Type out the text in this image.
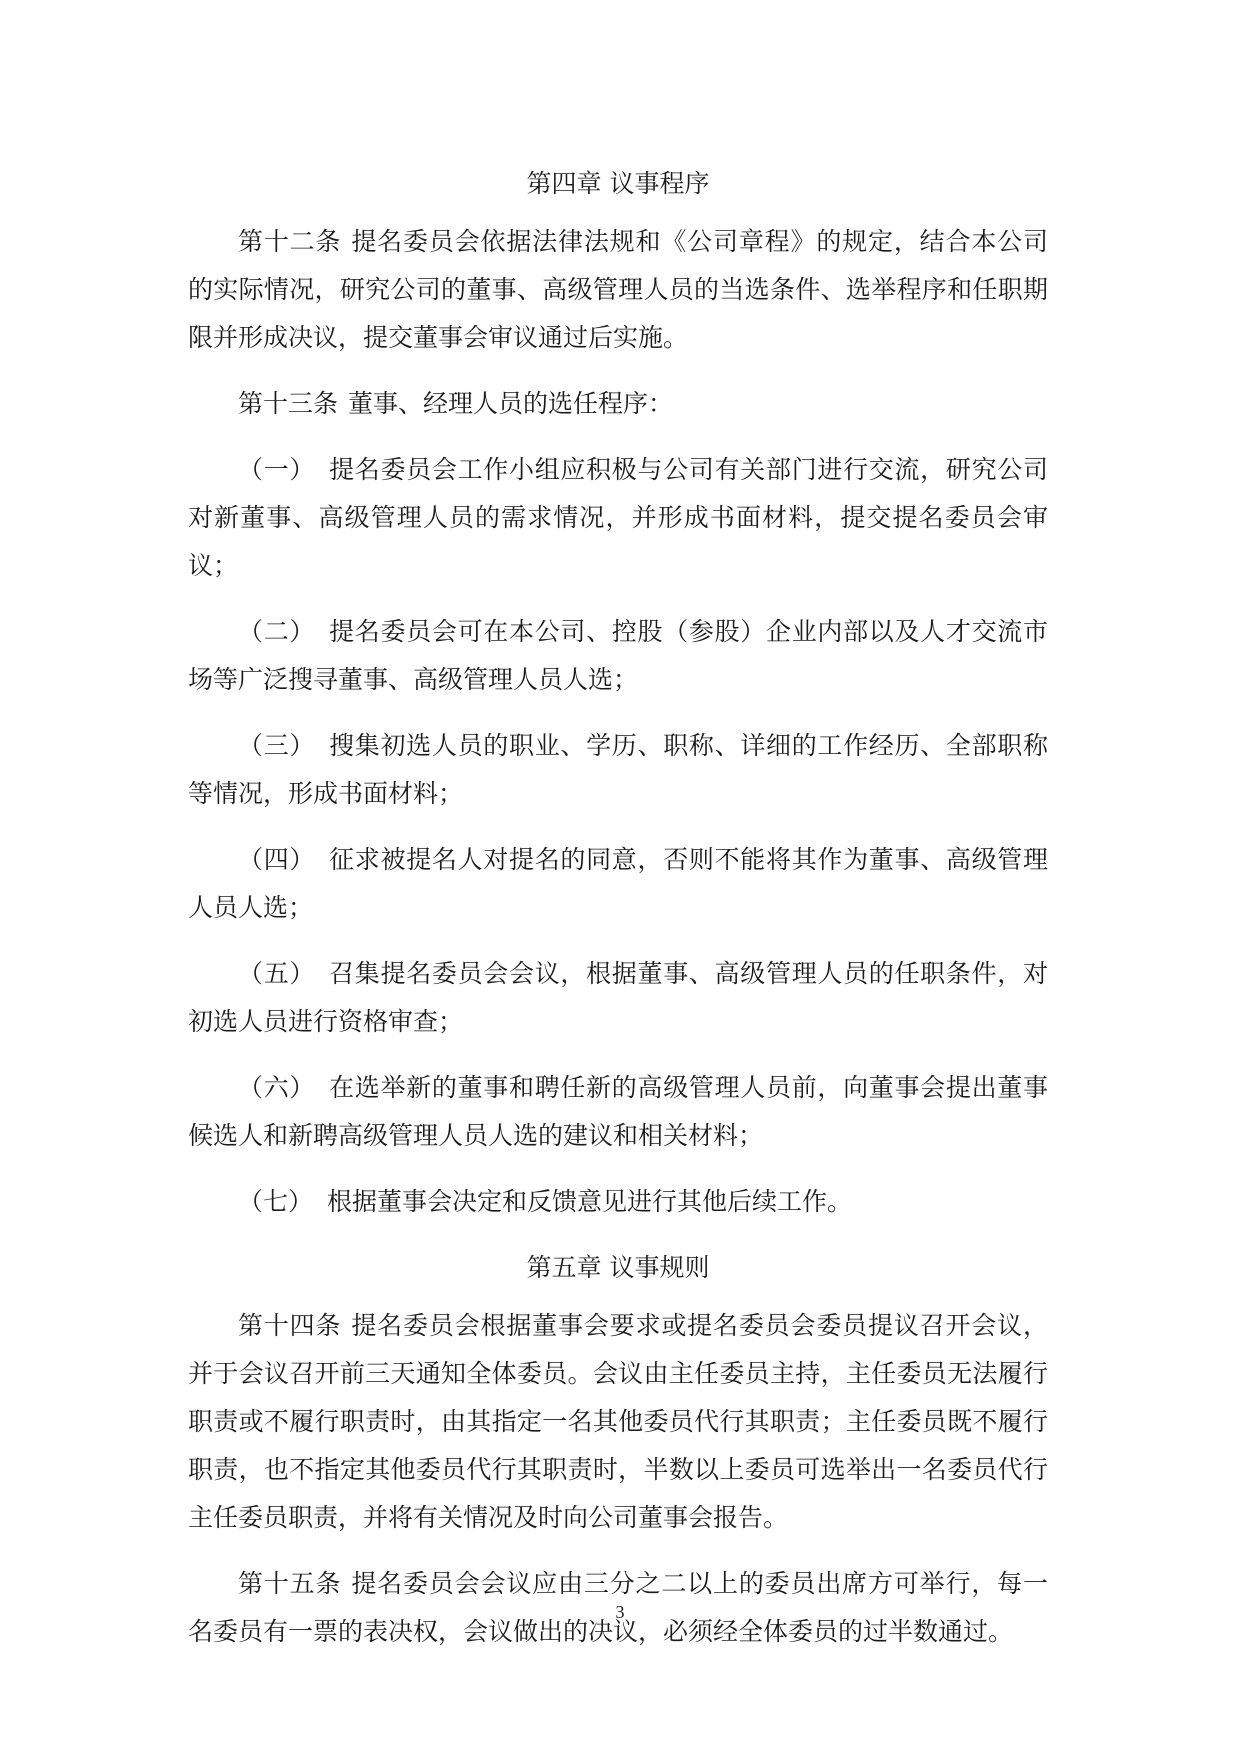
第四章 议事程序

第十二条 提名委员会依据法律法规和《公司章程》的规定，结合本公司的实际情况，研究公司的董事、高级管理人员的当选条件、选举程序和任职期限并形成决议，提交董事会审议通过后实施。

第十三条 董事、经理人员的选任程序：

（一） 提名委员会工作小组应积极与公司有关部门进行交流，研究公司对新董事、高级管理人员的需求情况，并形成书面材料，提交提名委员会审议；

（二） 提名委员会可在本公司、控股（参股）企业内部以及人才交流市场等广泛搜寻董事、高级管理人员人选；

（三） 搜集初选人员的职业、学历、职称、详细的工作经历、全部职称等情况，形成书面材料；

（四） 征求被提名人对提名的同意，否则不能将其作为董事、高级管理人员人选；

（五） 召集提名委员会会议，根据董事、高级管理人员的任职条件，对初选人员进行资格审查；

（六） 在选举新的董事和聘任新的高级管理人员前，向董事会提出董事候选人和新聘高级管理人员人选的建议和相关材料；

（七） 根据董事会决定和反馈意见进行其他后续工作。

第五章 议事规则

第十四条 提名委员会根据董事会要求或提名委员会委员提议召开会议，并于会议召开前三天通知全体委员。会议由主任委员主持，主任委员无法履行职责或不履行职责时，由其指定一名其他委员代行其职责；主任委员既不履行职责，也不指定其他委员代行其职责时，半数以上委员可选举出一名委员代行主任委员职责，并将有关情况及时向公司董事会报告。

第十五条 提名委员会会议应由三分之二以上的委员出席方可举行，每一名委员有一票的表决权，会议做出的决议，必须经全体委员的过半数通过。

3
